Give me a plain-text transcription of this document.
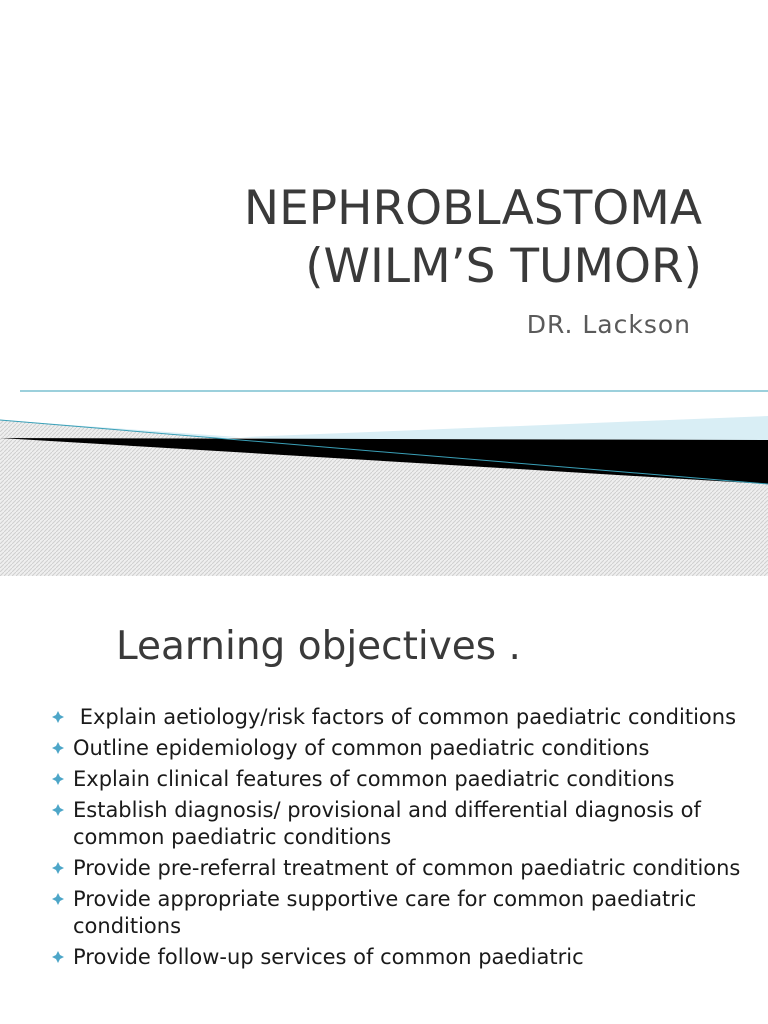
NEPHROBLASTOMA
(WILM’S TUMOR)
DR. Lackson
Learning objectives .
Explain aetiology/risk factors of common paediatric conditions
Outline epidemiology of common paediatric conditions
Explain clinical features of common paediatric conditions
Establish diagnosis/ provisional and differential diagnosis of common paediatric conditions
Provide pre-referral treatment of common paediatric conditions
Provide appropriate supportive care for common paediatric conditions
Provide follow-up services of common paediatric
